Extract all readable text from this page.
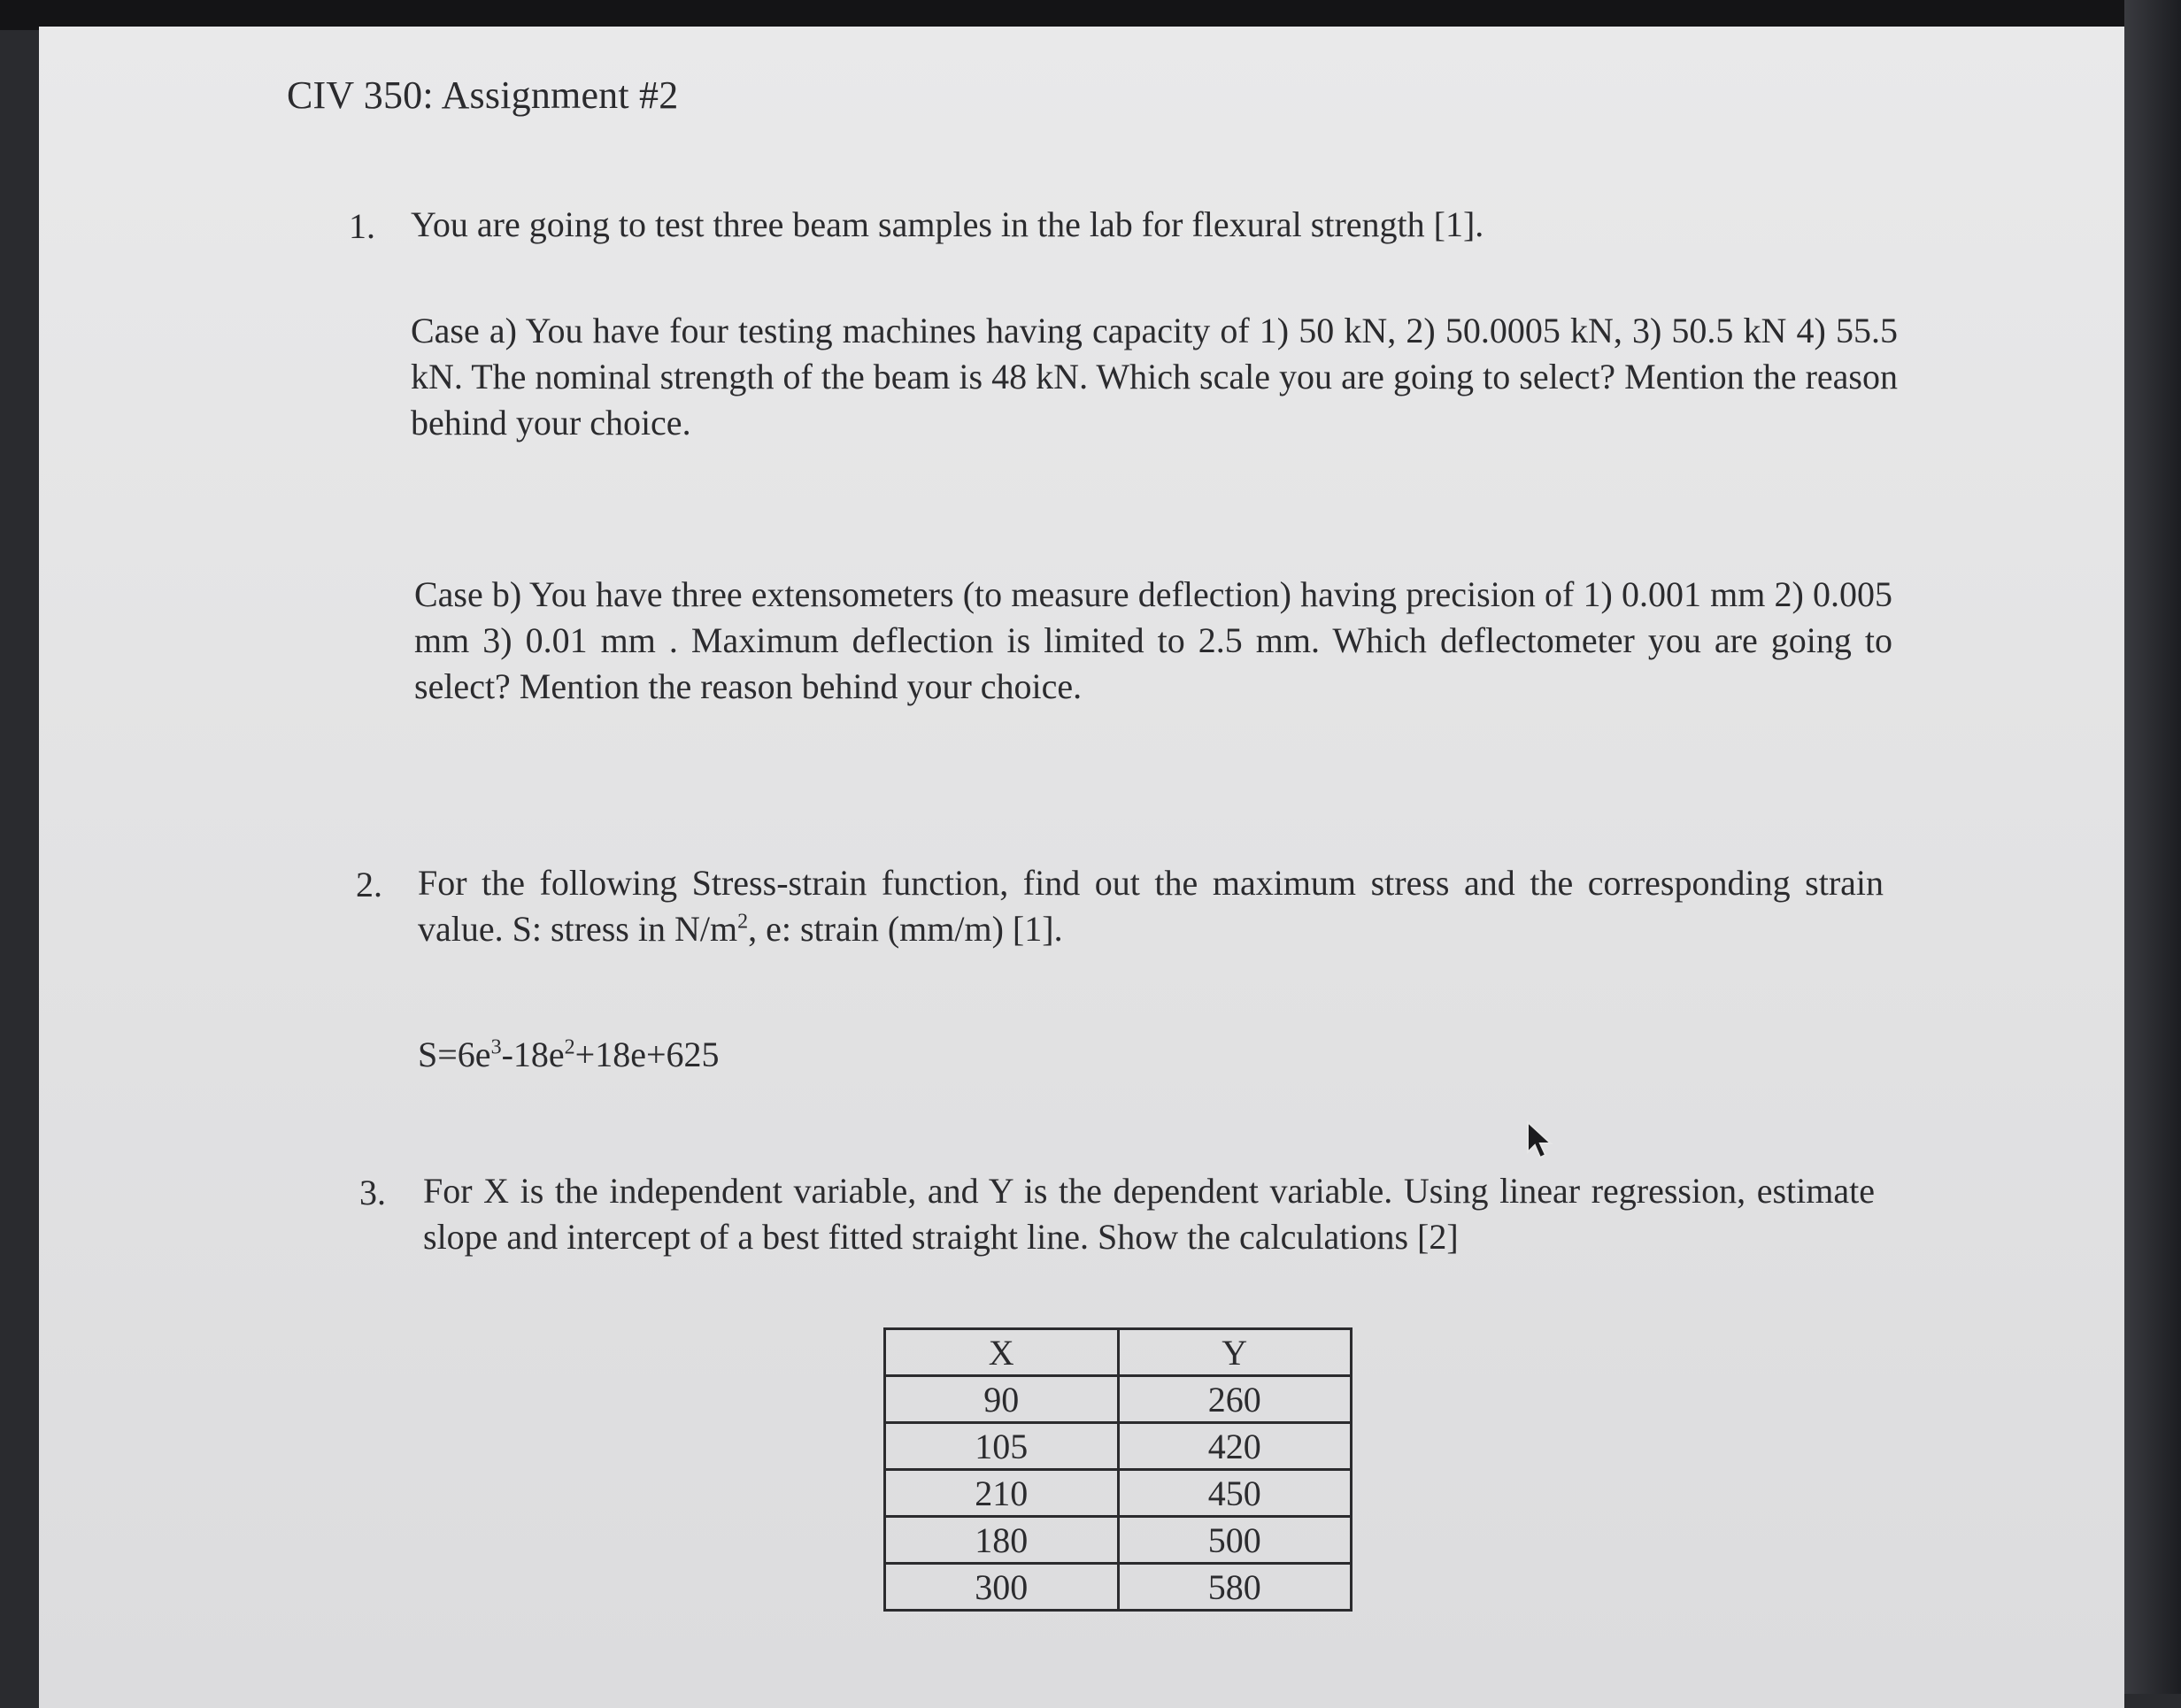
CIV 350: Assignment #2
1. You are going to test three beam samples in the lab for flexural strength [1].
Case a) You have four testing machines having capacity of 1) 50 kN, 2) 50.0005 kN, 3) 50.5 kN 4) 55.5 kN. The nominal strength of the beam is 48 kN. Which scale you are going to select? Mention the reason behind your choice.
Case b) You have three extensometers (to measure deflection) having precision of 1) 0.001 mm 2) 0.005 mm 3) 0.01 mm . Maximum deflection is limited to 2.5 mm. Which deflectometer you are going to select? Mention the reason behind your choice.
2. For the following Stress-strain function, find out the maximum stress and the corresponding strain value. S: stress in $N/m^2$, e: strain (mm/m) [1].
$S=6e^3-18e^2+18e+625$
3. For X is the independent variable, and Y is the dependent variable. Using linear regression, estimate slope and intercept of a best fitted straight line. Show the calculations [2]
X	Y
90	260
105	420
210	450
180	500
300	580
